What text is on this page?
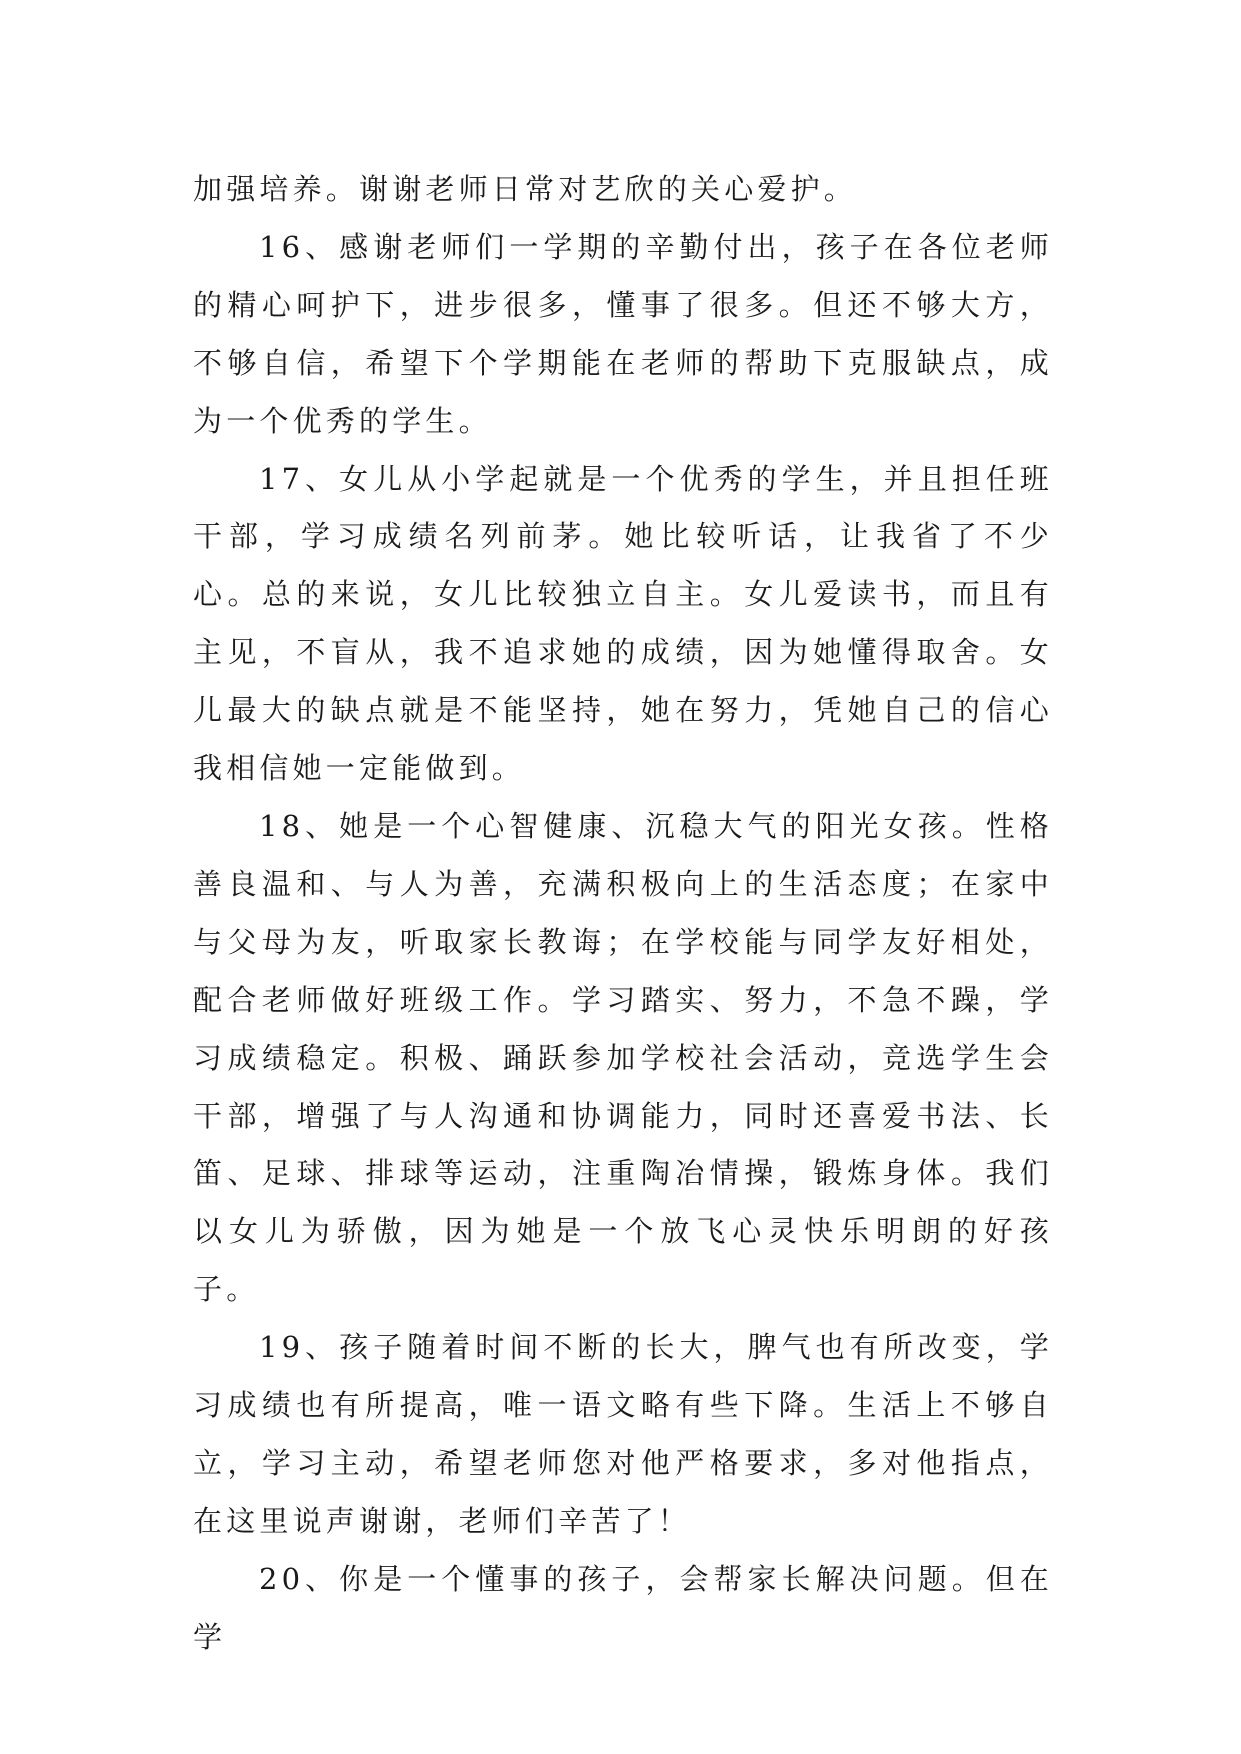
加强培养。谢谢老师日常对艺欣的关心爱护。

16、感谢老师们一学期的辛勤付出，孩子在各位老师的精心呵护下，进步很多，懂事了很多。但还不够大方，不够自信，希望下个学期能在老师的帮助下克服缺点，成为一个优秀的学生。

17、女儿从小学起就是一个优秀的学生，并且担任班干部，学习成绩名列前茅。她比较听话，让我省了不少心。总的来说，女儿比较独立自主。女儿爱读书，而且有主见，不盲从，我不追求她的成绩，因为她懂得取舍。女儿最大的缺点就是不能坚持，她在努力，凭她自己的信心我相信她一定能做到。

18、她是一个心智健康、沉稳大气的阳光女孩。性格善良温和、与人为善，充满积极向上的生活态度；在家中与父母为友，听取家长教诲；在学校能与同学友好相处，配合老师做好班级工作。学习踏实、努力，不急不躁，学习成绩稳定。积极、踊跃参加学校社会活动，竞选学生会干部，增强了与人沟通和协调能力，同时还喜爱书法、长笛、足球、排球等运动，注重陶冶情操，锻炼身体。我们以女儿为骄傲，因为她是一个放飞心灵快乐明朗的好孩子。

19、孩子随着时间不断的长大，脾气也有所改变，学习成绩也有所提高，唯一语文略有些下降。生活上不够自立，学习主动，希望老师您对他严格要求，多对他指点，在这里说声谢谢，老师们辛苦了！

20、你是一个懂事的孩子，会帮家长解决问题。但在学
